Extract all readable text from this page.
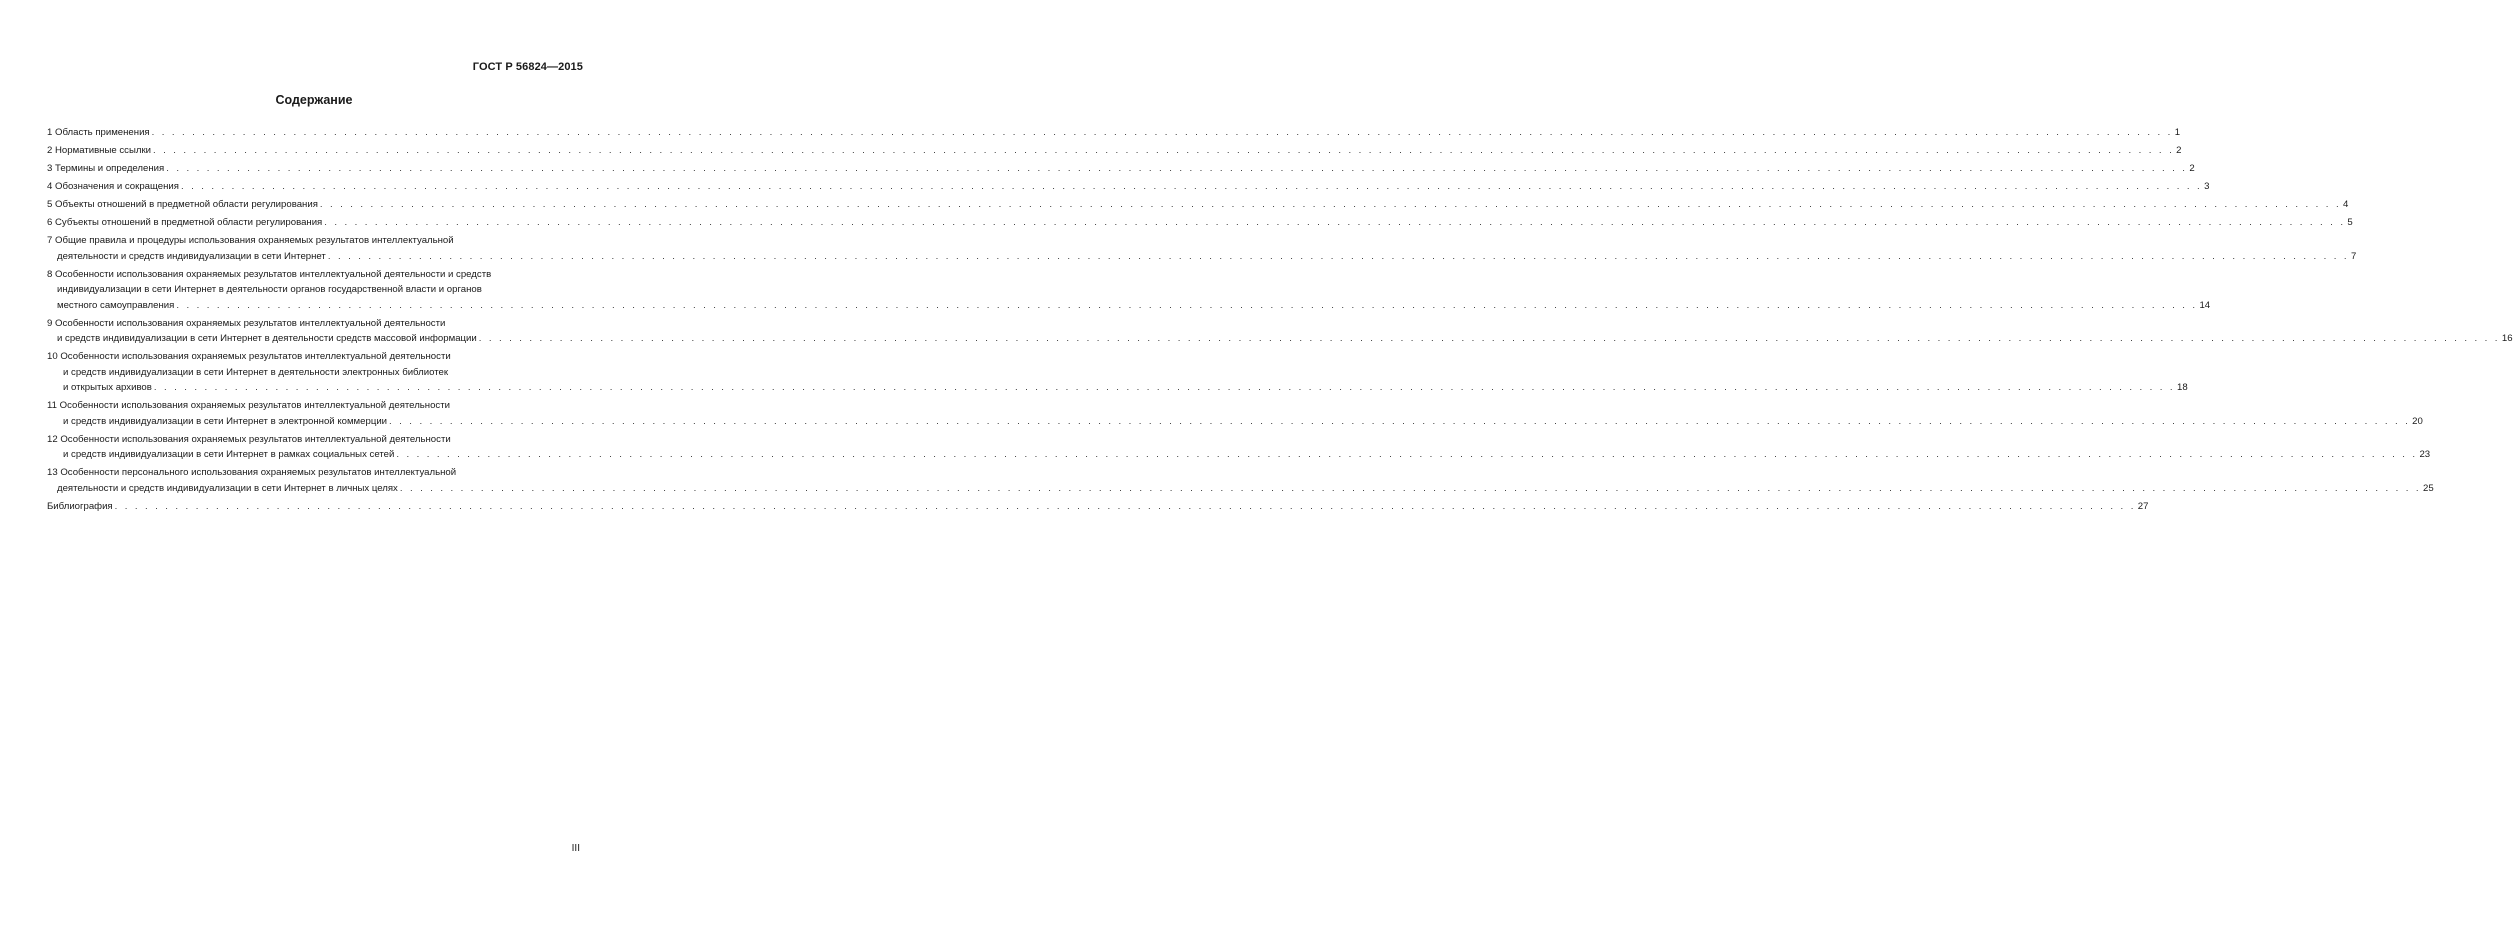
ГОСТ Р 56824—2015
Содержание
1 Область применения . . . . . . . . . . . . . . . . . . . . . . . . . . . . . . . . . . . . . . . . . . . . . . . . . . . . . . . . . . . . . . . . . . . . . . . . . . . . . . . . . . . . . . . . . . . . . . . . . . . . . . . . . . . . . . . . . . . . . . . . . . . . . . . . . . . . . . . . . . . . . . . . . . . . . . . . . . . . . . . . . . . . . . . . . . . . . . . . . . . . . . . . . . . . . . . . . . . . . . . . 1
2 Нормативные ссылки . . . . . . . . . . . . . . . . . . . . . . . . . . . . . . . . . . . . . . . . . . . . . . . . . . . . . . . . . . . . . . . . . . . . . . . . . . . . . . . . . . . . . . . . . . . . . . . . . . . . . . . . . . . . . . . . . . . . . . . . . . . . . . . . . . . . . . . . . . . . . . . . . . . . . . . . . . . . . . . . . . . . . . . . . . . . . . . . . . . . . . . . . . . . . . . . . . . . . . . . 2
3 Термины и определения . . . . . . . . . . . . . . . . . . . . . . . . . . . . . . . . . . . . . . . . . . . . . . . . . . . . . . . . . . . . . . . . . . . . . . . . . . . . . . . . . . . . . . . . . . . . . . . . . . . . . . . . . . . . . . . . . . . . . . . . . . . . . . . . . . . . . . . . . . . . . . . . . . . . . . . . . . . . . . . . . . . . . . . . . . . . . . . . . . . . . . . . . . . . . . . . . . . . . . . . 2
4 Обозначения и сокращения . . . . . . . . . . . . . . . . . . . . . . . . . . . . . . . . . . . . . . . . . . . . . . . . . . . . . . . . . . . . . . . . . . . . . . . . . . . . . . . . . . . . . . . . . . . . . . . . . . . . . . . . . . . . . . . . . . . . . . . . . . . . . . . . . . . . . . . . . . . . . . . . . . . . . . . . . . . . . . . . . . . . . . . . . . . . . . . . . . . . . . . . . . . . . . . . . . . . . . . . 3
5 Объекты отношений в предметной области регулирования . . . . . . . . . . . . . . . . . . . . . . . . . . . . . . . . . . . . . . . . . . . . . . . . . . . . . . . . . . . . . . . . . . . . . . . . . . . . . . . . . . . . . . . . . . . . . . . . . . . . . . . . . . . . . . . . . . . . . . . . . . . . . . . . . . . . . . . . . . . . . . . . . . . . . . . . . . . . . . . . . . . . . . . . . . . . . . . . . . . . . . . . . . . . . . . . . . . . . . . . 4
6 Субъекты отношений в предметной области регулирования . . . . . . . . . . . . . . . . . . . . . . . . . . . . . . . . . . . . . . . . . . . . . . . . . . . . . . . . . . . . . . . . . . . . . . . . . . . . . . . . . . . . . . . . . . . . . . . . . . . . . . . . . . . . . . . . . . . . . . . . . . . . . . . . . . . . . . . . . . . . . . . . . . . . . . . . . . . . . . . . . . . . . . . . . . . . . . . . . . . . . . . . . . . . . . . . . . . . . . . . 5
7 Общие правила и процедуры использования охраняемых результатов интеллектуальной
деятельности и средств индивидуализации в сети Интернет . . . . . . . . . . . . . . . . . . . . . . . . . . . . . . . . . . . . . . . . . . . . . . . . . . . . . . . . . . . . . . . . . . . . . . . . . . . . . . . . . . . . . . . . . . . . . . . . . . . . . . . . . . . . . . . . . . . . . . . . . . . . . . . . . . . . . . . . . . . . . . . . . . . . . . . . . . . . . . . . . . . . . . . . . . . . . . . . . . . . . . . . . . . . . . . . . . . . . . . . 7
8 Особенности использования охраняемых результатов интеллектуальной деятельности и средств
индивидуализации в сети Интернет в деятельности органов государственной власти и органов
местного самоуправления . . . . . . . . . . . . . . . . . . . . . . . . . . . . . . . . . . . . . . . . . . . . . . . . . . . . . . . . . . . . . . . . . . . . . . . . . . . . . . . . . . . . . . . . . . . . . . . . . . . . . . . . . . . . . . . . . . . . . . . . . . . . . . . . . . . . . . . . . . . . . . . . . . . . . . . . . . . . . . . . . . . . . . . . . . . . . . . . . . . . . . . . . . . . . . . . . . . . . . . . 14
9 Особенности использования охраняемых результатов интеллектуальной деятельности
и средств индивидуализации в сети Интернет в деятельности средств массовой информации . . . . . . . . . . . . . . . . . . . . . . . . . . . . . . . . . . . . . . . . . . . . . . . . . . . . . . . . . . . . . . . . . . . . . . . . . . . . . . . . . . . . . . . . . . . . . . . . . . . . . . . . . . . . . . . . . . . . . . . . . . . . . . . . . . . . . . . . . . . . . . . . . . . . . . . . . . . . . . . . . . . . . . . . . . . . . . . . . . . . . . . . . . . . . . . . . . . . . . . . 16
10 Особенности использования охраняемых результатов интеллектуальной деятельности
и средств индивидуализации в сети Интернет в деятельности электронных библиотек
и открытых архивов . . . . . . . . . . . . . . . . . . . . . . . . . . . . . . . . . . . . . . . . . . . . . . . . . . . . . . . . . . . . . . . . . . . . . . . . . . . . . . . . . . . . . . . . . . . . . . . . . . . . . . . . . . . . . . . . . . . . . . . . . . . . . . . . . . . . . . . . . . . . . . . . . . . . . . . . . . . . . . . . . . . . . . . . . . . . . . . . . . . . . . . . . . . . . . . . . . . . . . . . 18
11 Особенности использования охраняемых результатов интеллектуальной деятельности
и средств индивидуализации в сети Интернет в электронной коммерции . . . . . . . . . . . . . . . . . . . . . . . . . . . . . . . . . . . . . . . . . . . . . . . . . . . . . . . . . . . . . . . . . . . . . . . . . . . . . . . . . . . . . . . . . . . . . . . . . . . . . . . . . . . . . . . . . . . . . . . . . . . . . . . . . . . . . . . . . . . . . . . . . . . . . . . . . . . . . . . . . . . . . . . . . . . . . . . . . . . . . . . . . . . . . . . . . . . . . . . . 20
12 Особенности использования охраняемых результатов интеллектуальной деятельности
и средств индивидуализации в сети Интернет в рамках социальных сетей . . . . . . . . . . . . . . . . . . . . . . . . . . . . . . . . . . . . . . . . . . . . . . . . . . . . . . . . . . . . . . . . . . . . . . . . . . . . . . . . . . . . . . . . . . . . . . . . . . . . . . . . . . . . . . . . . . . . . . . . . . . . . . . . . . . . . . . . . . . . . . . . . . . . . . . . . . . . . . . . . . . . . . . . . . . . . . . . . . . . . . . . . . . . . . . . . . . . . . . . 23
13 Особенности персонального использования охраняемых результатов интеллектуальной
деятельности и средств индивидуализации в сети Интернет в личных целях . . . . . . . . . . . . . . . . . . . . . . . . . . . . . . . . . . . . . . . . . . . . . . . . . . . . . . . . . . . . . . . . . . . . . . . . . . . . . . . . . . . . . . . . . . . . . . . . . . . . . . . . . . . . . . . . . . . . . . . . . . . . . . . . . . . . . . . . . . . . . . . . . . . . . . . . . . . . . . . . . . . . . . . . . . . . . . . . . . . . . . . . . . . . . . . . . . . . . . . . 25
Библиография . . . . . . . . . . . . . . . . . . . . . . . . . . . . . . . . . . . . . . . . . . . . . . . . . . . . . . . . . . . . . . . . . . . . . . . . . . . . . . . . . . . . . . . . . . . . . . . . . . . . . . . . . . . . . . . . . . . . . . . . . . . . . . . . . . . . . . . . . . . . . . . . . . . . . . . . . . . . . . . . . . . . . . . . . . . . . . . . . . . . . . . . . . . . . . . . . . . . . . . . 27
III
